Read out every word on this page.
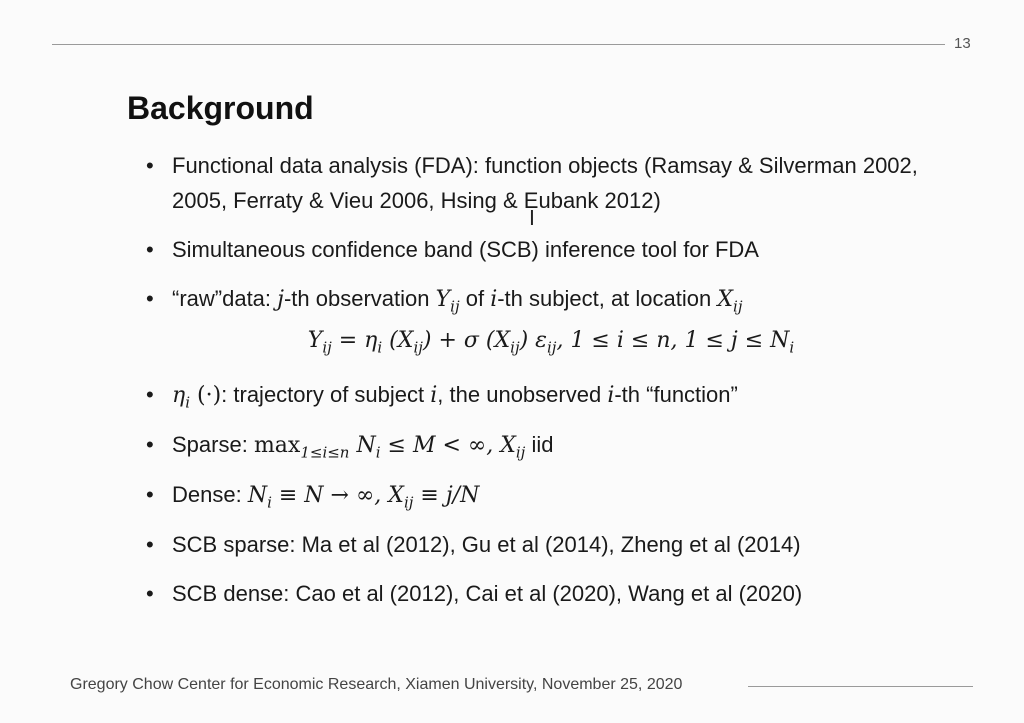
13
Background
• Functional data analysis (FDA): function objects (Ramsay & Silverman 2002, 2005, Ferraty & Vieu 2006, Hsing & Eubank 2012)
• Simultaneous confidence band (SCB) inference tool for FDA
• “raw”data: j-th observation $Y_{ij}$ of i-th subject, at location $X_{ij}$
$Y_{ij} = \eta_i$ $(X_{ij}) + \sigma$ $(X_{ij})$ $\varepsilon_{ij}$, 1 ≤ i ≤ n, $1 \le j \le N_i$
• $\eta_i$ (·): trajectory of subject i, the unobserved i-th “function”
• Sparse: $\max_{1\le i\le n} N_i \le M$ < ∞, $X_{ij}$ iid
• Dense: $N_i \equiv N$ → ∞, $X_{ij} \equiv j/N$
• SCB sparse: Ma et al (2012), Gu et al (2014), Zheng et al (2014)
• SCB dense: Cao et al (2012), Cai et al (2020), Wang et al (2020)
I
Gregory Chow Center for Economic Research, Xiamen University, November 25, 2020
